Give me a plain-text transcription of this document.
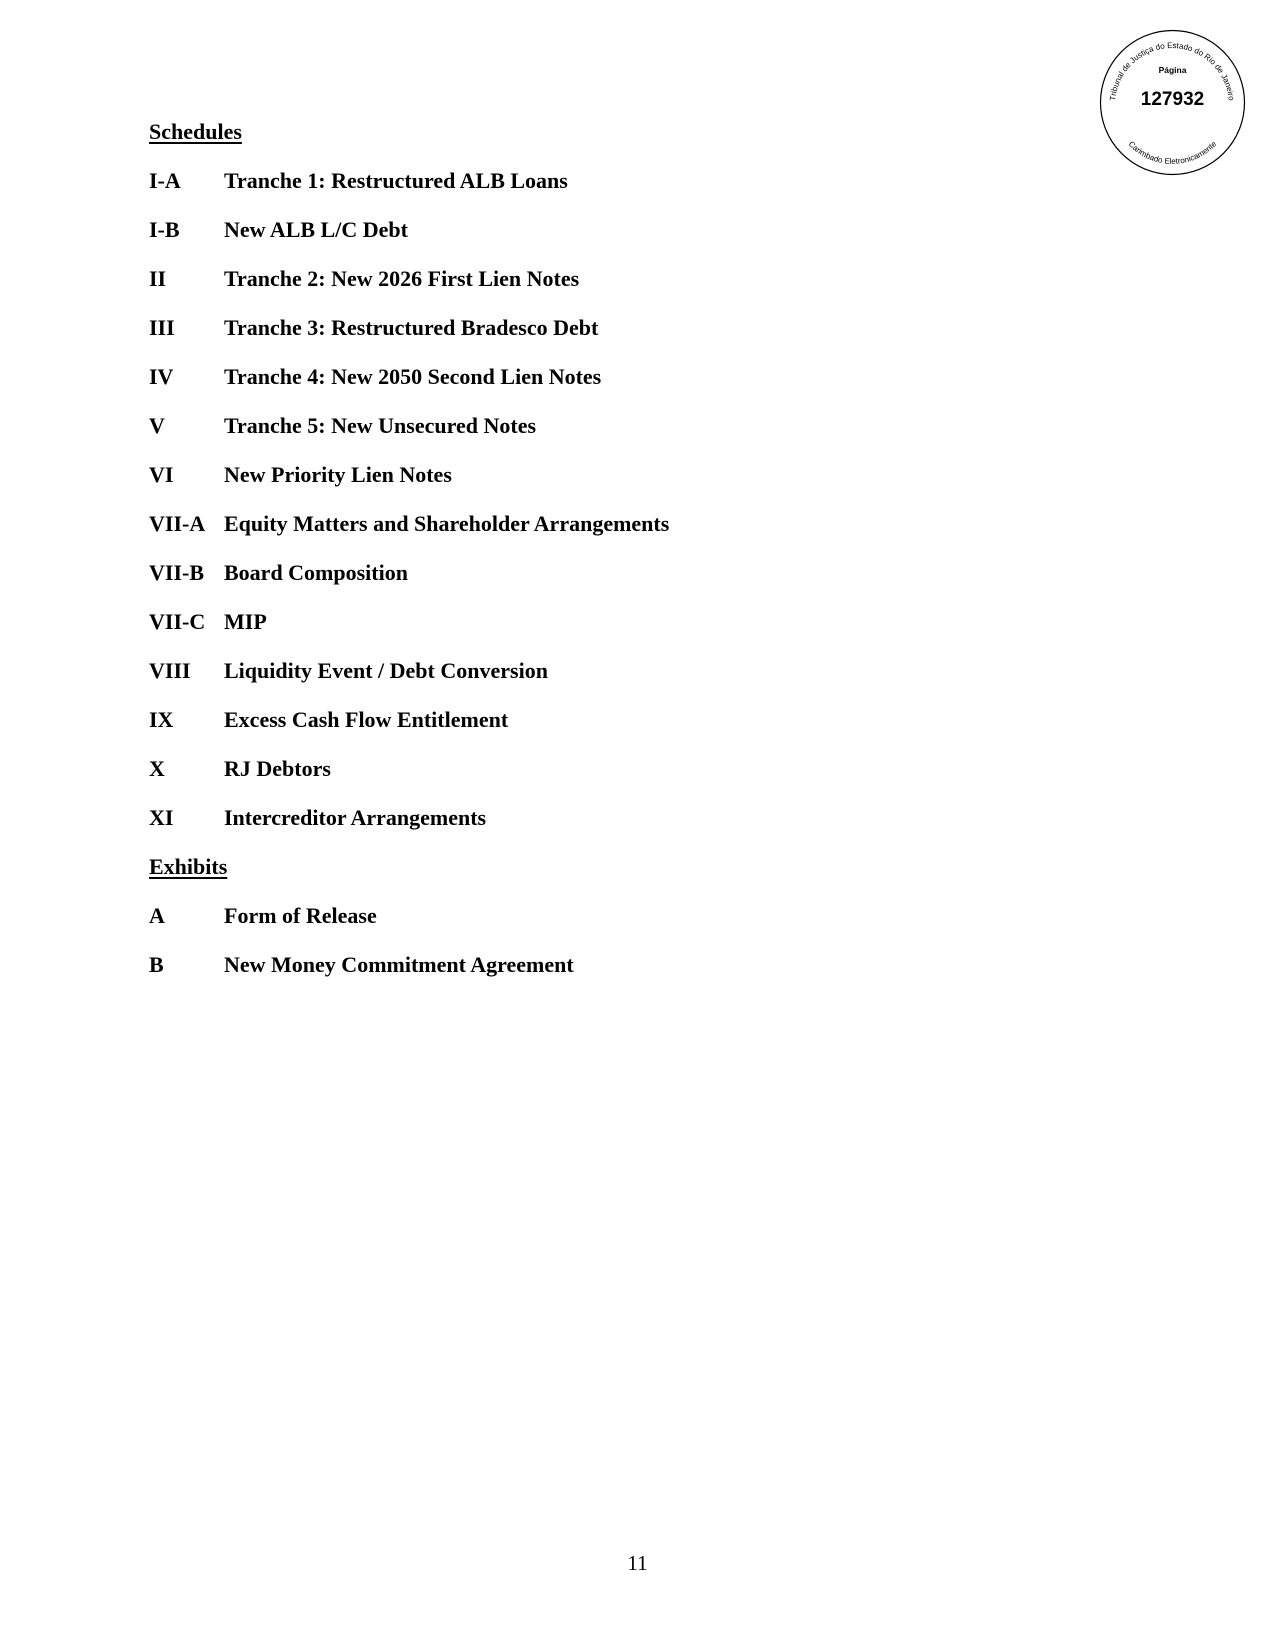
Tribunal de Justiça do Estado do Rio de Janeiro
Página
127932
Carimbado Eletronicamente
Schedules
I-A Tranche 1: Restructured ALB Loans
I-B New ALB L/C Debt
II	Tranche 2: New 2026 First Lien Notes
III Tranche 3: Restructured Bradesco Debt
IV Tranche 4: New 2050 Second Lien Notes
V	Tranche 5: New Unsecured Notes
VI New Priority Lien Notes
VII-A Equity Matters and Shareholder Arrangements
VII-B Board Composition
VII-C MIP
VIII Liquidity Event / Debt Conversion
IX Excess Cash Flow Entitlement
X	RJ Debtors
XI Intercreditor Arrangements
Exhibits
A	Form of Release
B	New Money Commitment Agreement
11
